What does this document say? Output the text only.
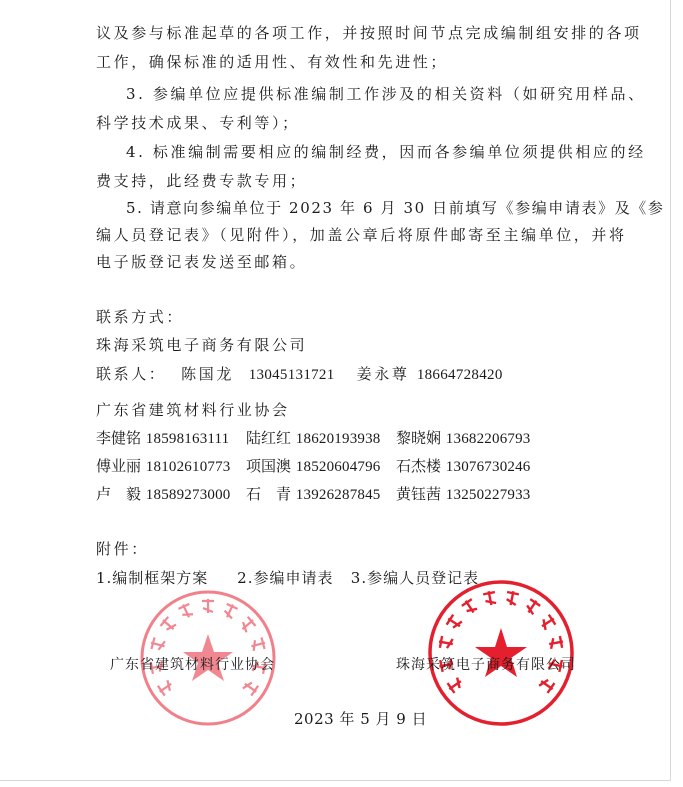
议及参与标准起草的各项工作，并按照时间节点完成编制组安排的各项
工作，确保标准的适用性、有效性和先进性；
3. 参编单位应提供标准编制工作涉及的相关资料（如研究用样品、
科学技术成果、专利等）；
4. 标准编制需要相应的编制经费，因而各参编单位须提供相应的经
费支持，此经费专款专用；
5. 请意向参编单位于 2023 年 6 月 30 日前填写《参编申请表》及《参
编人员登记表》（见附件），加盖公章后将原件邮寄至主编单位，并将
电子版登记表发送至邮箱。
联系方式：
珠海采筑电子商务有限公司
联系人： 陈国龙 13045131721 姜永尊 18664728420
广东省建筑材料行业协会
李健铭 18598163111	陆红红 18620193938	黎晓娴 13682206793
傅业丽 18102610773	项国澳 18520604796	石杰楼 13076730246
卢　毅 18589273000	石　青 13926287845	黄钰茜 13250227933
附件：
1.编制框架方案 2.参编申请表 3.参编人员登记表
广东省建筑材料行业协会	珠海采筑电子商务有限公司
2023 年 5 月 9 日
